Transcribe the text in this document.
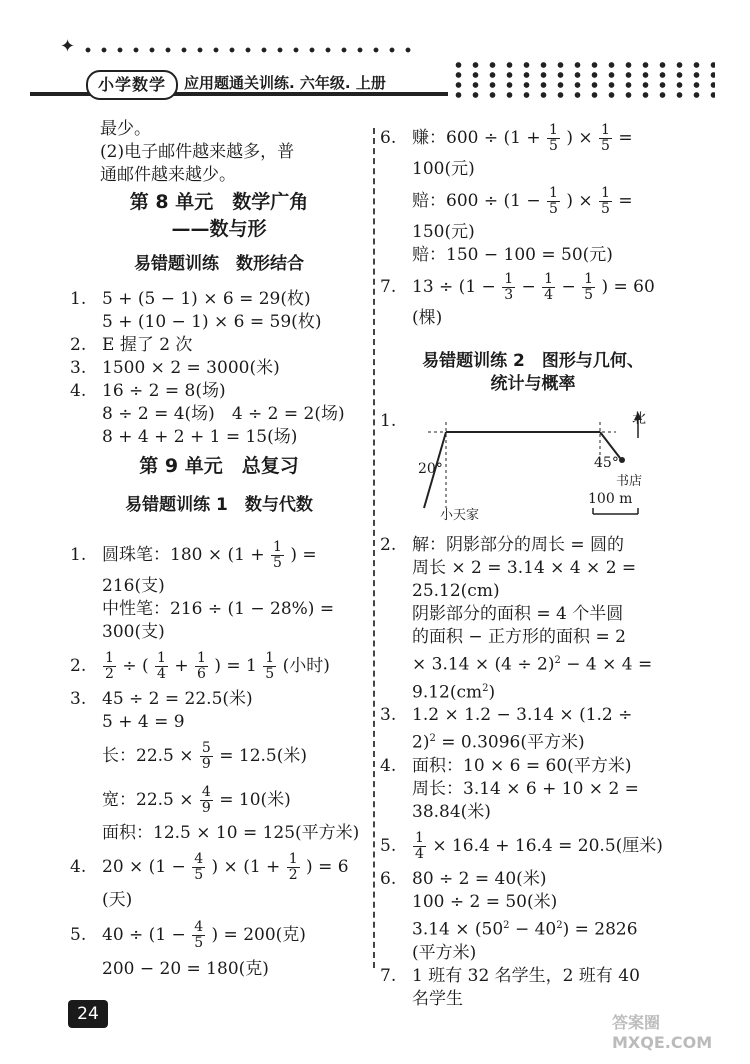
✦
小学数学	应用题通关训练. 六年级. 上册
最少。
(2)电子邮件越来越多，普
通邮件越来越少。
第 8 单元　数学广角
——数与形
易错题训练　数形结合
1. 5 + (5 − 1) × 6 = 29(枚)
5 + (10 − 1) × 6 = 59(枚)
2. E 握了 2 次
3. 1500 × 2 = 3000(米)
4. 16 ÷ 2 = 8(场)
8 ÷ 2 = 4(场)　4 ÷ 2 = 2(场)
8 + 4 + 2 + 1 = 15(场)
第 9 单元　总复习
易错题训练 1　数与代数
1. 圆珠笔：$180 \times (1 + \frac{1}{5}$ ) =
216(支)
中性笔：216 ÷ (1 − 28%) =
300(支)
2. $\frac{1}{2}$ ÷ ( $\frac{1}{4} + \frac{1}{6}$ ) = $1 \frac{1}{5}$ (小时)
3. 45 ÷ 2 = 22.5(米)
5 + 4 = 9
长：$22.5 \times \frac{5}{9} = 12.5$(米)
宽：$22.5 \times \frac{4}{9} = 10$(米)
面积：12.5 × 10 = 125(平方米)
4. $20 \times (1 - \frac{4}{5}$ ) × ($1 + \frac{1}{2}$ ) = 6
(天)
5. $40 \div (1 - \frac{4}{5}$ ) = 200(克)
200 − 20 = 180(克)
6. 赚：$600 \div (1 + \frac{1}{5}$ ) × $\frac{1}{5}$ =
100(元)
赔：$600 \div (1 - \frac{1}{5}$ ) × $\frac{1}{5}$ =
150(元)
赔：150 − 100 = 50(元)
7. $13 \div (1 - \frac{1}{3} - \frac{1}{4} - \frac{1}{5}$ ) = 60
(棵)
易错题训练 2　图形与几何、
统计与概率
1.	北
20°	45°
书店
小天家
100 m
2. 解：阴影部分的周长 = 圆的
周长 × 2 = 3.14 × 4 × 2 =
25.12(cm)
阴影部分的面积 = 4 个半圆
的面积 − 正方形的面积 = 2
× $3.14 \times (4 \div 2)^2 - 4 \times 4$ =
$9.12(cm^2)$
3. 1.2 × 1.2 − 3.14 × (1.2 ÷
2)$^2$ = 0.3096(平方米)
4. 面积：10 × 6 = 60(平方米)
周长：3.14 × 6 + 10 × 2 =
38.84(米)
5. $\frac{1}{4} \times 16.4 + 16.4 = 20.5$(厘米)
6. 80 ÷ 2 = 40(米)
100 ÷ 2 = 50(米)
$3.14 \times (50^2 - 40^2) = 2826$
(平方米)
7. 1 班有 32 名学生，2 班有 40
名学生
24	答案圈 MXQE.COM
